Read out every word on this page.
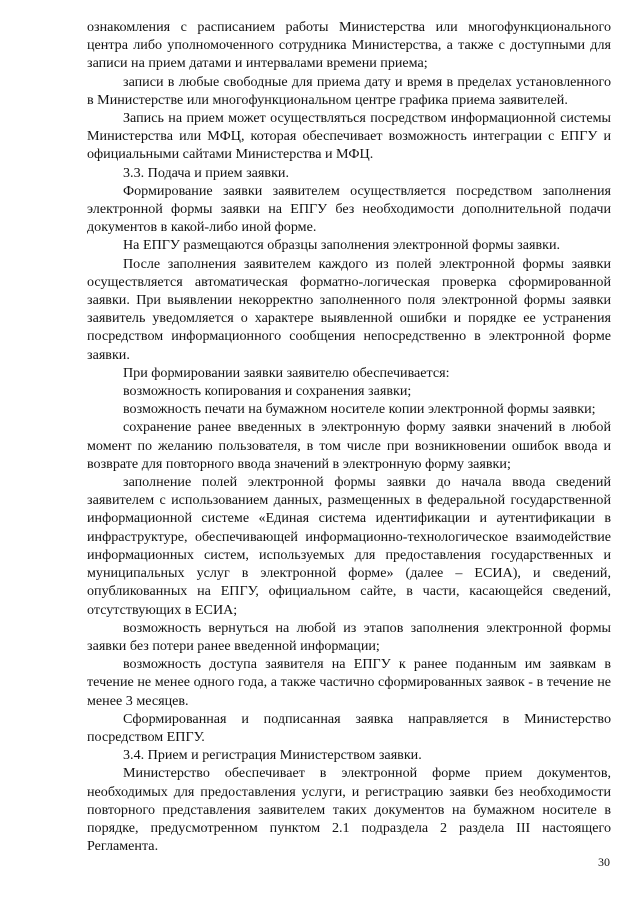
ознакомления с расписанием работы Министерства или многофункционального центра либо уполномоченного сотрудника Министерства, а также с доступными для записи на прием датами и интервалами времени приема;

записи в любые свободные для приема дату и время в пределах установленного в Министерстве или многофункциональном центре графика приема заявителей.

Запись на прием может осуществляться посредством информационной системы Министерства или МФЦ, которая обеспечивает возможность интеграции с ЕПГУ и официальными сайтами Министерства и МФЦ.

3.3. Подача и прием заявки.

Формирование заявки заявителем осуществляется посредством заполнения электронной формы заявки на ЕПГУ без необходимости дополнительной подачи документов в какой-либо иной форме.

На ЕПГУ размещаются образцы заполнения электронной формы заявки.

После заполнения заявителем каждого из полей электронной формы заявки осуществляется автоматическая форматно-логическая проверка сформированной заявки. При выявлении некорректно заполненного поля электронной формы заявки заявитель уведомляется о характере выявленной ошибки и порядке ее устранения посредством информационного сообщения непосредственно в электронной форме заявки.

При формировании заявки заявителю обеспечивается:

возможность копирования и сохранения заявки;

возможность печати на бумажном носителе копии электронной формы заявки;

сохранение ранее введенных в электронную форму заявки значений в любой момент по желанию пользователя, в том числе при возникновении ошибок ввода и возврате для повторного ввода значений в электронную форму заявки;

заполнение полей электронной формы заявки до начала ввода сведений заявителем с использованием данных, размещенных в федеральной государственной информационной системе «Единая система идентификации и аутентификации в инфраструктуре, обеспечивающей информационно-технологическое взаимодействие информационных систем, используемых для предоставления государственных и муниципальных услуг в электронной форме» (далее – ЕСИА), и сведений, опубликованных на ЕПГУ, официальном сайте, в части, касающейся сведений, отсутствующих в ЕСИА;

возможность вернуться на любой из этапов заполнения электронной формы заявки без потери ранее введенной информации;

возможность доступа заявителя на ЕПГУ к ранее поданным им заявкам в течение не менее одного года, а также частично сформированных заявок - в течение не менее 3 месяцев.

Сформированная и подписанная заявка направляется в Министерство посредством ЕПГУ.

3.4. Прием и регистрация Министерством заявки.

Министерство обеспечивает в электронной форме прием документов, необходимых для предоставления услуги, и регистрацию заявки без необходимости повторного представления заявителем таких документов на бумажном носителе в порядке, предусмотренном пунктом 2.1 подраздела 2 раздела III настоящего Регламента.

30
